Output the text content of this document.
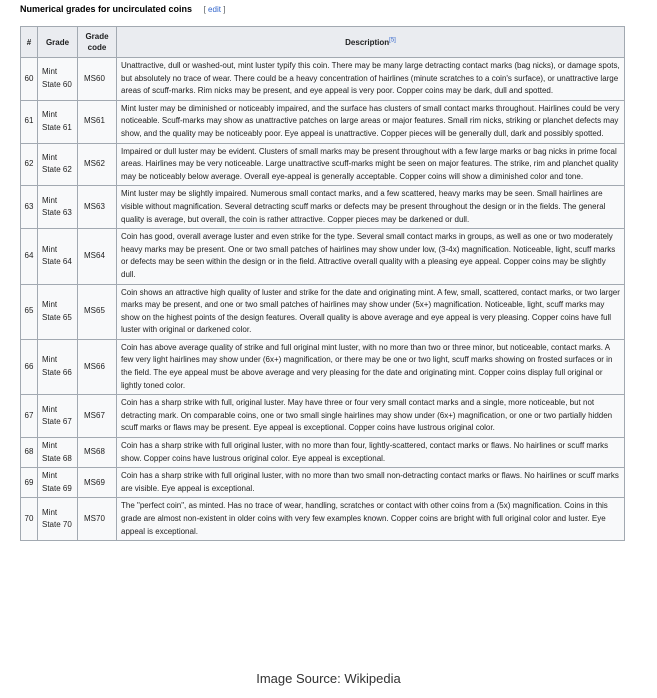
Numerical grades for uncirculated coins [ edit ]
#	Grade	Grade code	Description[5]
60	Mint State 60	MS60	Unattractive, dull or washed-out, mint luster typify this coin. There may be many large detracting contact marks (bag nicks), or damage spots, but absolutely no trace of wear. There could be a heavy concentration of hairlines (minute scratches to a coin's surface), or unattractive large areas of scuff-marks. Rim nicks may be present, and eye appeal is very poor. Copper coins may be dark, dull and spotted.
61	Mint State 61	MS61	Mint luster may be diminished or noticeably impaired, and the surface has clusters of small contact marks throughout. Hairlines could be very noticeable. Scuff-marks may show as unattractive patches on large areas or major features. Small rim nicks, striking or planchet defects may show, and the quality may be noticeably poor. Eye appeal is unattractive. Copper pieces will be generally dull, dark and possibly spotted.
62	Mint State 62	MS62	Impaired or dull luster may be evident. Clusters of small marks may be present throughout with a few large marks or bag nicks in prime focal areas. Hairlines may be very noticeable. Large unattractive scuff-marks might be seen on major features. The strike, rim and planchet quality may be noticeably below average. Overall eye-appeal is generally acceptable. Copper coins will show a diminished color and tone.
63	Mint State 63	MS63	Mint luster may be slightly impaired. Numerous small contact marks, and a few scattered, heavy marks may be seen. Small hairlines are visible without magnification. Several detracting scuff marks or defects may be present throughout the design or in the fields. The general quality is average, but overall, the coin is rather attractive. Copper pieces may be darkened or dull.
64	Mint State 64	MS64	Coin has good, overall average luster and even strike for the type. Several small contact marks in groups, as well as one or two moderately heavy marks may be present. One or two small patches of hairlines may show under low, (3-4x) magnification. Noticeable, light, scuff marks or defects may be seen within the design or in the field. Attractive overall quality with a pleasing eye appeal. Copper coins may be slightly dull.
65	Mint State 65	MS65	Coin shows an attractive high quality of luster and strike for the date and originating mint. A few, small, scattered, contact marks, or two larger marks may be present, and one or two small patches of hairlines may show under (5x+) magnification. Noticeable, light, scuff marks may show on the highest points of the design features. Overall quality is above average and eye appeal is very pleasing. Copper coins have full luster with original or darkened color.
66	Mint State 66	MS66	Coin has above average quality of strike and full original mint luster, with no more than two or three minor, but noticeable, contact marks. A few very light hairlines may show under (6x+) magnification, or there may be one or two light, scuff marks showing on frosted surfaces or in the field. The eye appeal must be above average and very pleasing for the date and originating mint. Copper coins display full original or lightly toned color.
67	Mint State 67	MS67	Coin has a sharp strike with full, original luster. May have three or four very small contact marks and a single, more noticeable, but not detracting mark. On comparable coins, one or two small single hairlines may show under (6x+) magnification, or one or two partially hidden scuff marks or flaws may be present. Eye appeal is exceptional. Copper coins have lustrous original color.
68	Mint State 68	MS68	Coin has a sharp strike with full original luster, with no more than four, lightly-scattered, contact marks or flaws. No hairlines or scuff marks show. Copper coins have lustrous original color. Eye appeal is exceptional.
69	Mint State 69	MS69	Coin has a sharp strike with full original luster, with no more than two small non-detracting contact marks or flaws. No hairlines or scuff marks are visible. Eye appeal is exceptional.
70	Mint State 70	MS70	The "perfect coin", as minted. Has no trace of wear, handling, scratches or contact with other coins from a (5x) magnification. Coins in this grade are almost non-existent in older coins with very few examples known. Copper coins are bright with full original color and luster. Eye appeal is exceptional.
Image Source: Wikipedia
